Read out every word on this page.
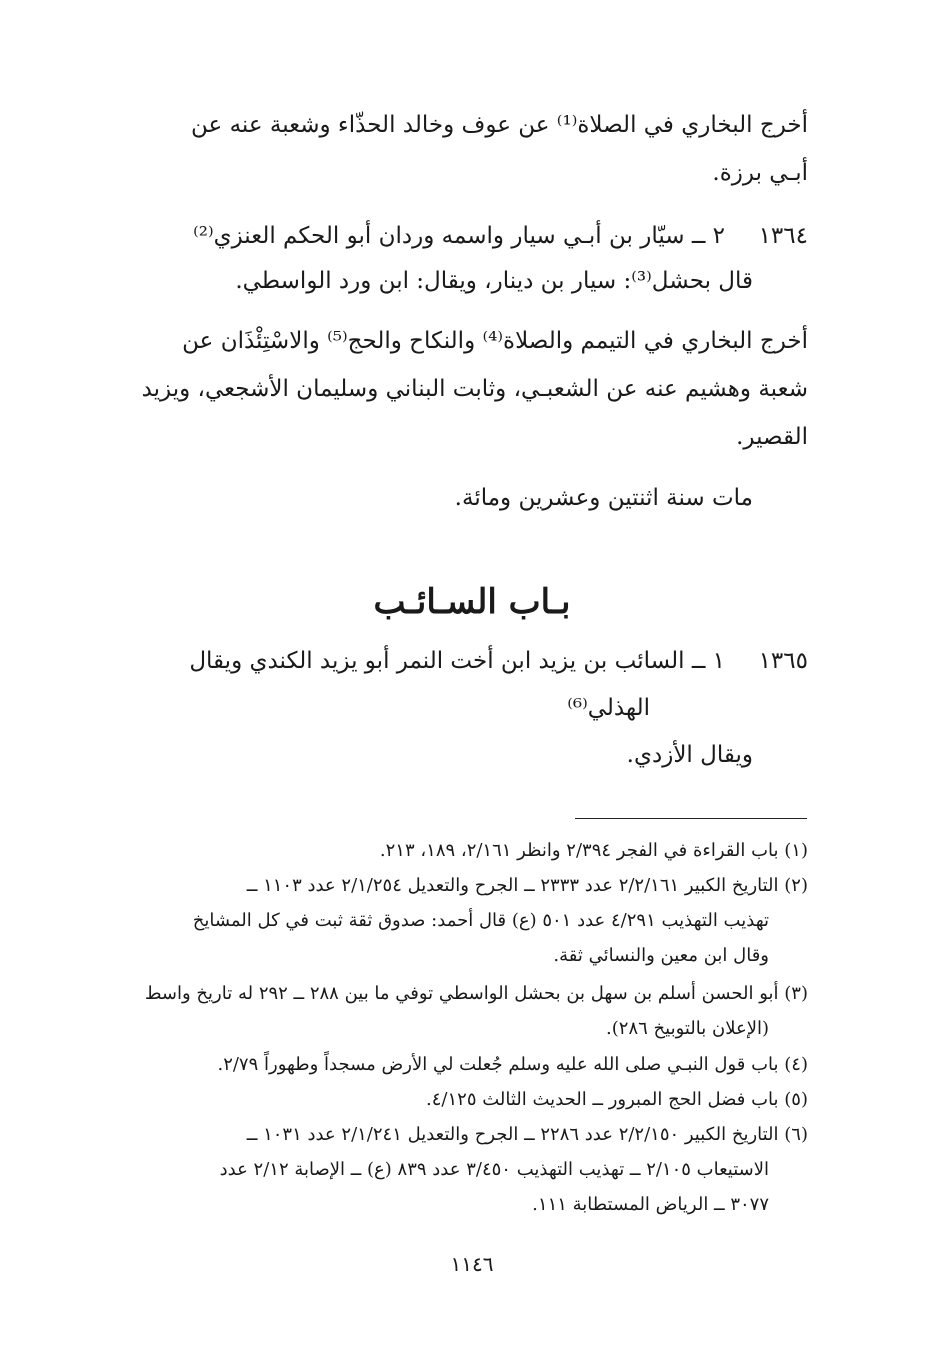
أخرج البخاري في الصلاة⁽¹⁾ عن عوف وخالد الحذّاء وشعبة عنه عن
أبـي برزة.
١٣٦٤
٢ ــ سيّار بن أبـي سيار واسمه وردان أبو الحكم العنزي⁽²⁾
قال بحشل⁽³⁾: سيار بن دينار، ويقال: ابن ورد الواسطي.
أخرج البخاري في التيمم والصلاة⁽⁴⁾ والنكاح والحج⁽⁵⁾ والاسْتِئْذَان عن
شعبة وهشيم عنه عن الشعبـي، وثابت البناني وسليمان الأشجعي، ويزيد
القصير.
مات سنة اثنتين وعشرين ومائة.
بـاب السـائـب
١٣٦٥
١ ــ السائب بن يزيد ابن أخت النمر أبو يزيد الكندي ويقال
الهذلي⁽⁶⁾
ويقال الأزدي.
(١) باب القراءة في الفجر ٢/٣٩٤ وانظر ٢/١٦١، ١٨٩، ٢١٣.
(٢) التاريخ الكبير ٢/٢/١٦١ عدد ٢٣٣٣ ــ الجرح والتعديل ٢/١/٢٥٤ عدد ١١٠٣ ــ
تهذيب التهذيب ٤/٢٩١ عدد ٥٠١ (ع) قال أحمد: صدوق ثقة ثبت في كل المشايخ
وقال ابن معين والنسائي ثقة.
(٣) أبو الحسن أسلم بن سهل بن بحشل الواسطي توفي ما بين ٢٨٨ ــ ٢٩٢ له تاريخ واسط
(الإعلان بالتوبيخ ٢٨٦).
(٤) باب قول النبـي صلى الله عليه وسلم جُعلت لي الأرض مسجداً وطهوراً ٢/٧٩.
(٥) باب فضل الحج المبرور ــ الحديث الثالث ٤/١٢٥.
(٦) التاريخ الكبير ٢/٢/١٥٠ عدد ٢٢٨٦ ــ الجرح والتعديل ٢/١/٢٤١ عدد ١٠٣١ ــ
الاستيعاب ٢/١٠٥ ــ تهذيب التهذيب ٣/٤٥٠ عدد ٨٣٩ (ع) ــ الإصابة ٢/١٢ عدد
٣٠٧٧ ــ الرياض المستطابة ١١١.
١١٤٦
